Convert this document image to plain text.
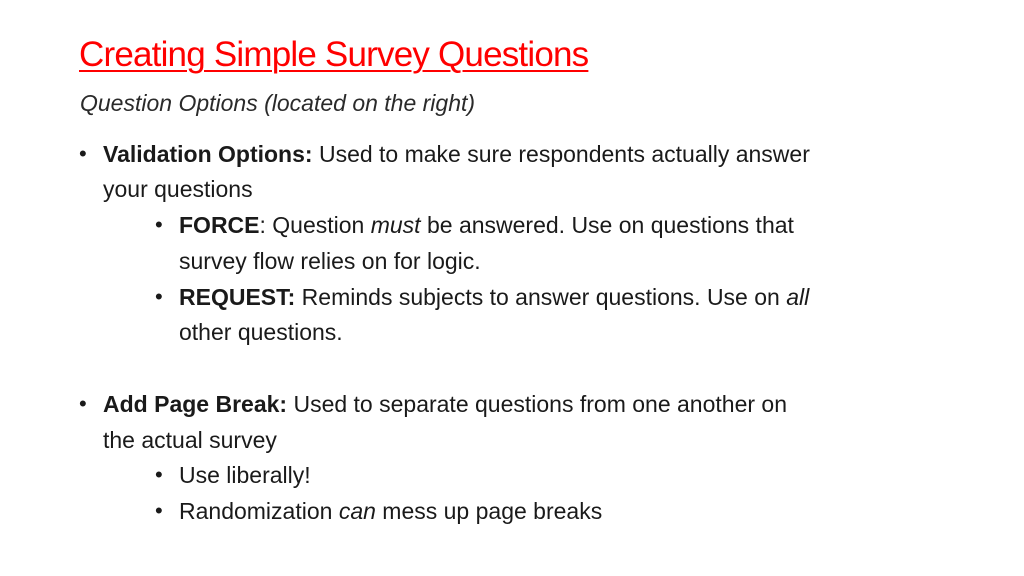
Creating Simple Survey Questions
Question Options (located on the right)
• Validation Options: Used to make sure respondents actually answer
your questions
• FORCE: Question must be answered. Use on questions that
survey flow relies on for logic.
• REQUEST: Reminds subjects to answer questions. Use on all
other questions.
• Add Page Break: Used to separate questions from one another on
the actual survey
• Use liberally!
• Randomization can mess up page breaks
